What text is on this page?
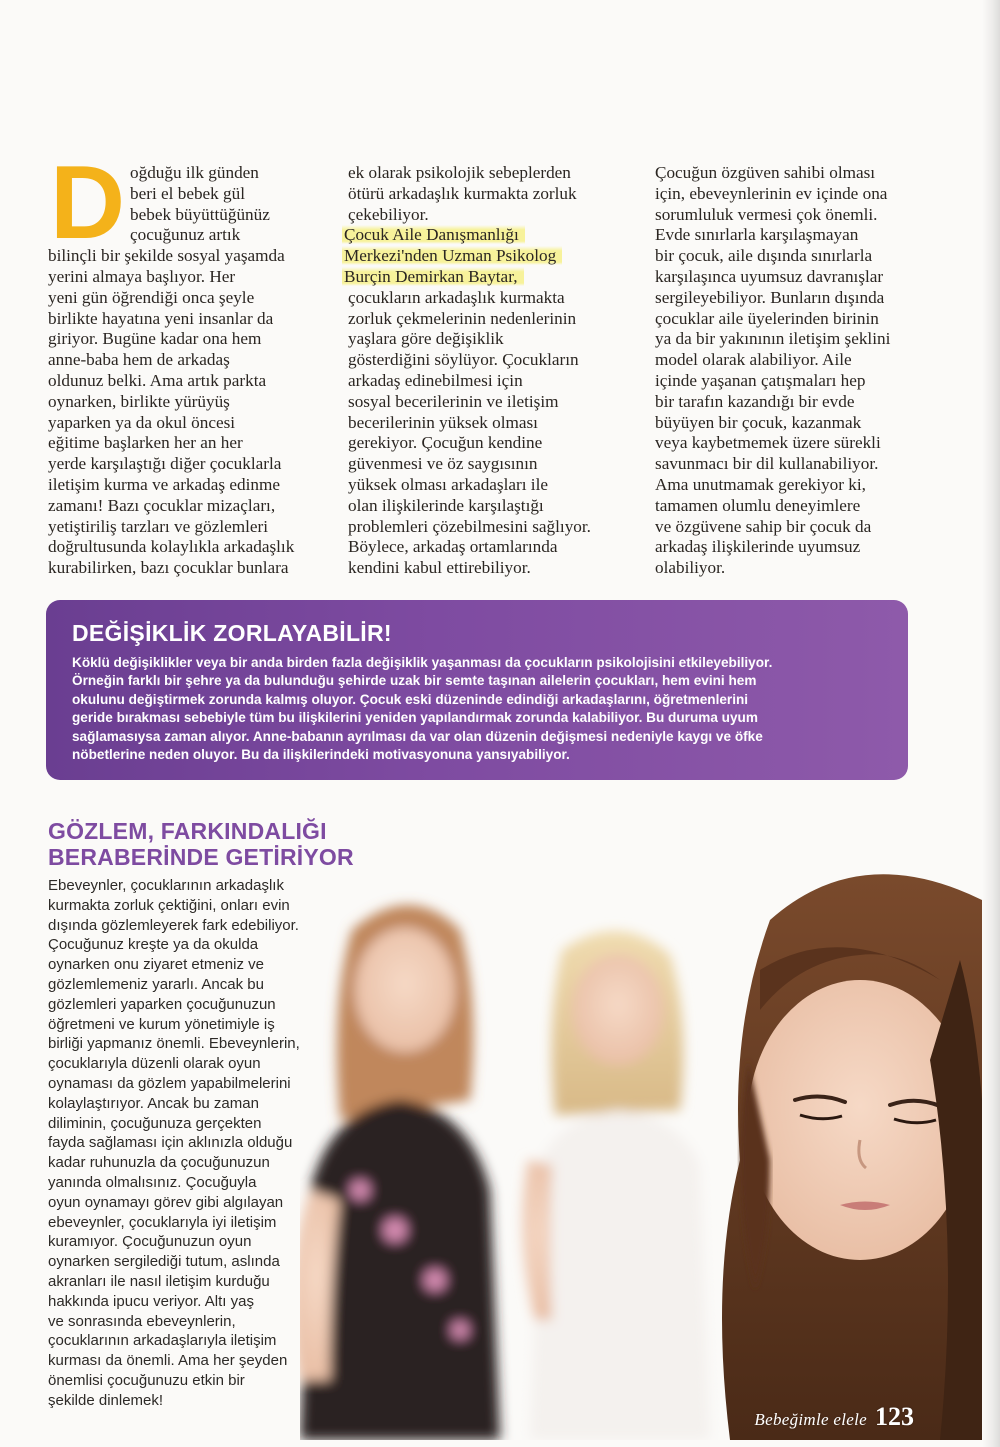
D oğduğu ilk günden
beri el bebek gül
bebek büyüttüğünüz
çocuğunuz artık
bilinçli bir şekilde sosyal yaşamda
yerini almaya başlıyor. Her
yeni gün öğrendiği onca şeyle
birlikte hayatına yeni insanlar da
giriyor. Bugüne kadar ona hem
anne-baba hem de arkadaş
oldunuz belki. Ama artık parkta
oynarken, birlikte yürüyüş
yaparken ya da okul öncesi
eğitime başlarken her an her
yerde karşılaştığı diğer çocuklarla
iletişim kurma ve arkadaş edinme
zamanı! Bazı çocuklar mizaçları,
yetiştiriliş tarzları ve gözlemleri
doğrultusunda kolaylıkla arkadaşlık
kurabilirken, bazı çocuklar bunlara
ek olarak psikolojik sebeplerden
ötürü arkadaşlık kurmakta zorluk
çekebiliyor.
Çocuk Aile Danışmanlığı
Merkezi'nden Uzman Psikolog
Burçin Demirkan Baytar,
çocukların arkadaşlık kurmakta
zorluk çekmelerinin nedenlerinin
yaşlara göre değişiklik
gösterdiğini söylüyor. Çocukların
arkadaş edinebilmesi için
sosyal becerilerinin ve iletişim
becerilerinin yüksek olması
gerekiyor. Çocuğun kendine
güvenmesi ve öz saygısının
yüksek olması arkadaşları ile
olan ilişkilerinde karşılaştığı
problemleri çözebilmesini sağlıyor.
Böylece, arkadaş ortamlarında
kendini kabul ettirebiliyor.
Çocuğun özgüven sahibi olması
için, ebeveynlerinin ev içinde ona
sorumluluk vermesi çok önemli.
Evde sınırlarla karşılaşmayan
bir çocuk, aile dışında sınırlarla
karşılaşınca uyumsuz davranışlar
sergileyebiliyor. Bunların dışında
çocuklar aile üyelerinden birinin
ya da bir yakınının iletişim şeklini
model olarak alabiliyor. Aile
içinde yaşanan çatışmaları hep
bir tarafın kazandığı bir evde
büyüyen bir çocuk, kazanmak
veya kaybetmemek üzere sürekli
savunmacı bir dil kullanabiliyor.
Ama unutmamak gerekiyor ki,
tamamen olumlu deneyimlere
ve özgüvene sahip bir çocuk da
arkadaş ilişkilerinde uyumsuz
olabiliyor.
DEĞİŞİKLİK ZORLAYABİLİR!
Köklü değişiklikler veya bir anda birden fazla değişiklik yaşanması da çocukların psikolojisini etkileyebiliyor.
Örneğin farklı bir şehre ya da bulunduğu şehirde uzak bir semte taşınan ailelerin çocukları, hem evini hem
okulunu değiştirmek zorunda kalmış oluyor. Çocuk eski düzeninde edindiği arkadaşlarını, öğretmenlerini
geride bırakması sebebiyle tüm bu ilişkilerini yeniden yapılandırmak zorunda kalabiliyor. Bu duruma uyum
sağlamasıysa zaman alıyor. Anne-babanın ayrılması da var olan düzenin değişmesi nedeniyle kaygı ve öfke
nöbetlerine neden oluyor. Bu da ilişkilerindeki motivasyonuna yansıyabiliyor.
GÖZLEM, FARKINDALIĞI
BERABERİNDE GETİRİYOR
Ebeveynler, çocuklarının arkadaşlık
kurmakta zorluk çektiğini, onları evin
dışında gözlemleyerek fark edebiliyor.
Çocuğunuz kreşte ya da okulda
oynarken onu ziyaret etmeniz ve
gözlemlemeniz yararlı. Ancak bu
gözlemleri yaparken çocuğunuzun
öğretmeni ve kurum yönetimiyle iş
birliği yapmanız önemli. Ebeveynlerin,
çocuklarıyla düzenli olarak oyun
oynaması da gözlem yapabilmelerini
kolaylaştırıyor. Ancak bu zaman
diliminin, çocuğunuza gerçekten
fayda sağlaması için aklınızla olduğu
kadar ruhunuzla da çocuğunuzun
yanında olmalısınız. Çocuğuyla
oyun oynamayı görev gibi algılayan
ebeveynler, çocuklarıyla iyi iletişim
kuramıyor. Çocuğunuzun oyun
oynarken sergilediği tutum, aslında
akranları ile nasıl iletişim kurduğu
hakkında ipucu veriyor. Altı yaş
ve sonrasında ebeveynlerin,
çocuklarının arkadaşlarıyla iletişim
kurması da önemli. Ama her şeyden
önemlisi çocuğunuzu etkin bir
şekilde dinlemek!
Bebeğimle elele 123
